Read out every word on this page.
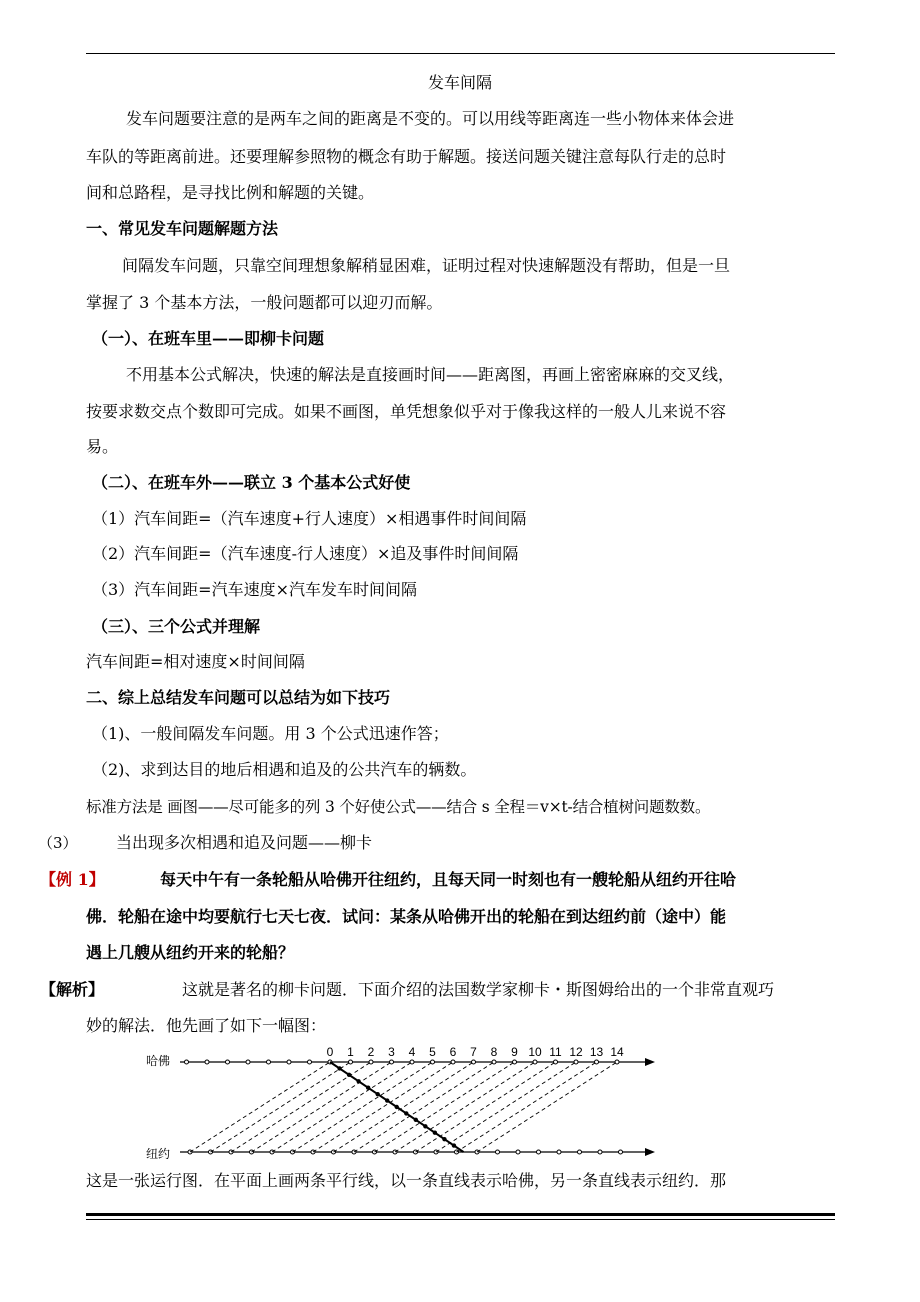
发车间隔
发车问题要注意的是两车之间的距离是不变的。可以用线等距离连一些小物体来体会进
车队的等距离前进。还要理解参照物的概念有助于解题。接送问题关键注意每队行走的总时
间和总路程，是寻找比例和解题的关键。
一、常见发车问题解题方法
间隔发车问题，只靠空间理想象解稍显困难，证明过程对快速解题没有帮助，但是一旦
掌握了 3 个基本方法，一般问题都可以迎刃而解。
（一）、在班车里——即柳卡问题
不用基本公式解决，快速的解法是直接画时间——距离图，再画上密密麻麻的交叉线，
按要求数交点个数即可完成。如果不画图，单凭想象似乎对于像我这样的一般人儿来说不容
易。
（二）、在班车外——联立 3 个基本公式好使
（1）汽车间距=（汽车速度+行人速度）×相遇事件时间间隔
（2）汽车间距=（汽车速度-行人速度）×追及事件时间间隔
（3）汽车间距=汽车速度×汽车发车时间间隔
（三）、三个公式并理解
汽车间距=相对速度×时间间隔
二、综上总结发车问题可以总结为如下技巧
（1)、一般间隔发车问题。用 3 个公式迅速作答；
（2)、求到达目的地后相遇和追及的公共汽车的辆数。
标准方法是 画图——尽可能多的列 3 个好使公式——结合 s 全程＝v×t-结合植树问题数数。
（3） 当出现多次相遇和追及问题——柳卡
【例 1】	每天中午有一条轮船从哈佛开往纽约，且每天同一时刻也有一艘轮船从纽约开往哈
佛．轮船在途中均要航行七天七夜．试问：某条从哈佛开出的轮船在到达纽约前（途中）能
遇上几艘从纽约开来的轮船？
【解析】	这就是著名的柳卡问题．下面介绍的法国数学家柳卡・斯图姆给出的一个非常直观巧
妙的解法．他先画了如下一幅图：
哈佛
纽约
0 1 2 3 4 5 6 7 8 9 10 11 12 13 14
这是一张运行图．在平面上画两条平行线，以一条直线表示哈佛，另一条直线表示纽约．那
